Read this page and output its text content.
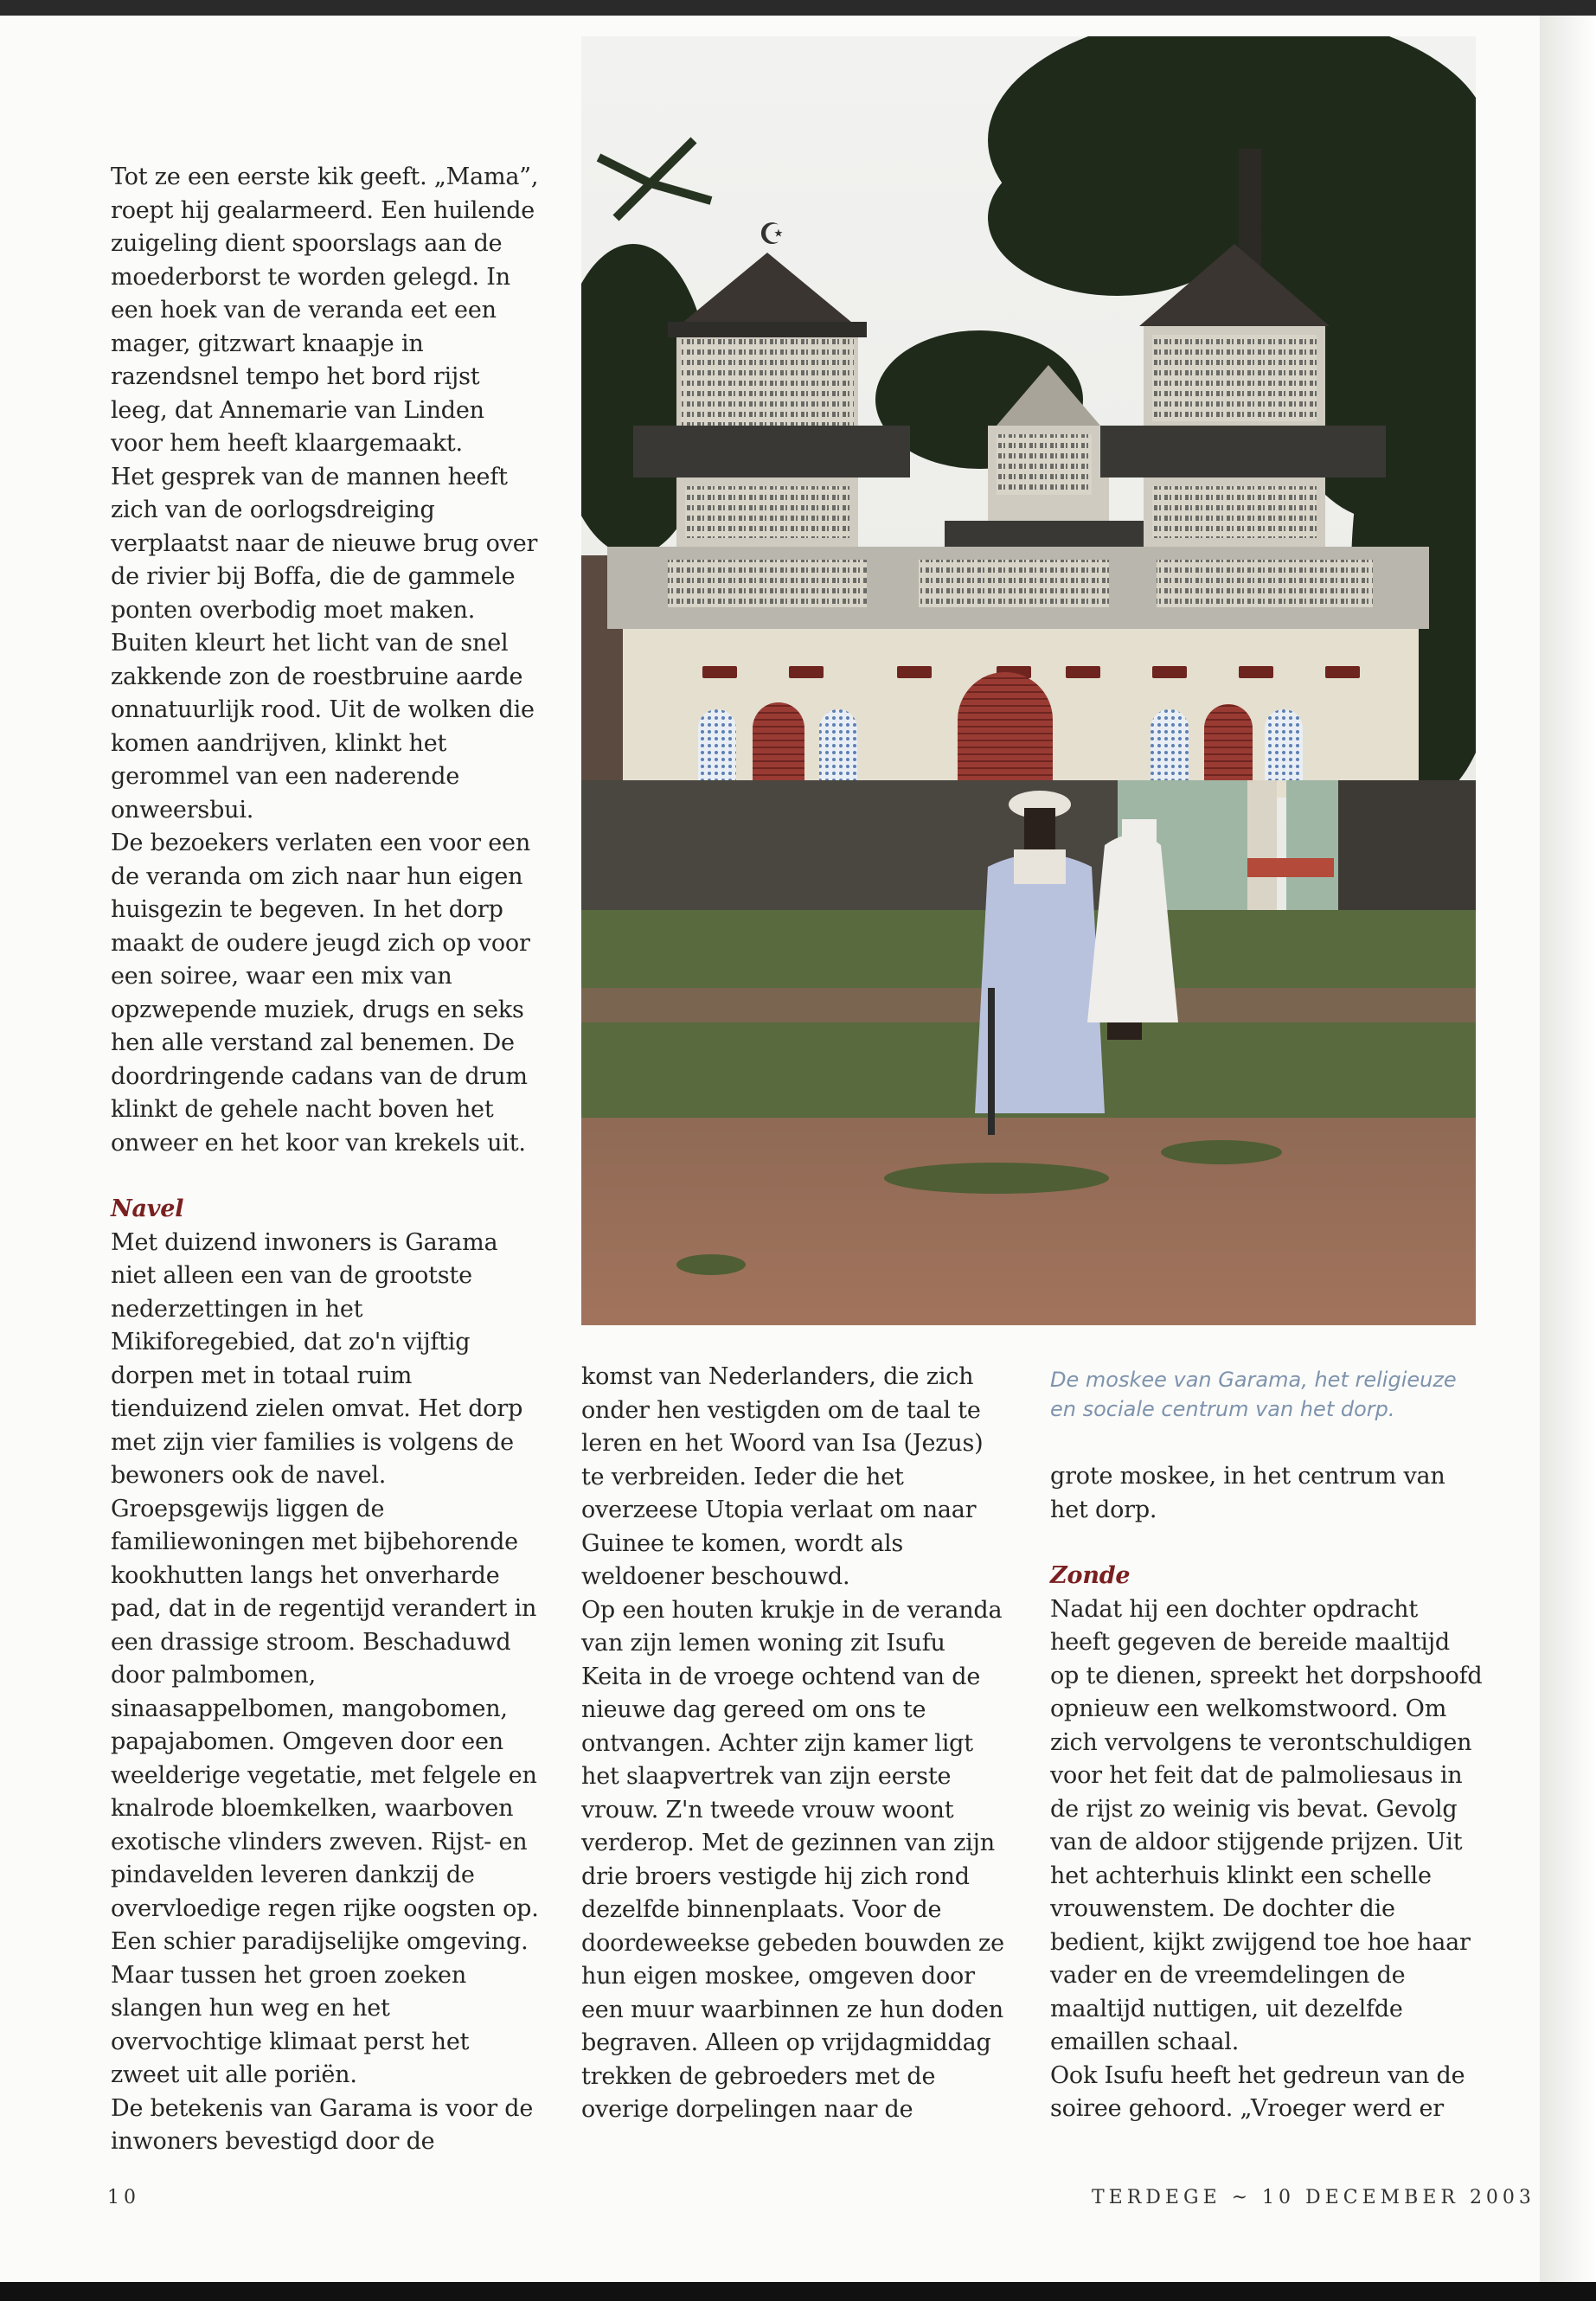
Tot ze een eerste kik geeft. „Mama”, roept hij gealarmeerd. Een huilende zuigeling dient spoorslags aan de moederborst te worden gelegd. In een hoek van de veranda eet een mager, gitzwart knaapje in razendsnel tempo het bord rijst leeg, dat Annemarie van Linden voor hem heeft klaargemaakt.

Het gesprek van de mannen heeft zich van de oorlogsdreiging verplaatst naar de nieuwe brug over de rivier bij Boffa, die de gammele ponten overbodig moet maken. Buiten kleurt het licht van de snel zakkende zon de roestbruine aarde onnatuurlijk rood. Uit de wolken die komen aandrijven, klinkt het gerommel van een naderende onweersbui.

De bezoekers verlaten een voor een de veranda om zich naar hun eigen huisgezin te begeven. In het dorp maakt de oudere jeugd zich op voor een soiree, waar een mix van opzwepende muziek, drugs en seks hen alle verstand zal benemen. De doordringende cadans van de drum klinkt de gehele nacht boven het onweer en het koor van krekels uit.

Navel

Met duizend inwoners is Garama niet alleen een van de grootste nederzettingen in het Mikiforegebied, dat zo'n vijftig dorpen met in totaal ruim tienduizend zielen omvat. Het dorp met zijn vier families is volgens de bewoners ook de navel. Groepsgewijs liggen de familiewoningen met bijbehorende kookhutten langs het onverharde pad, dat in de regentijd verandert in een drassige stroom. Beschaduwd door palmbomen, sinaasappelbomen, mangobomen, papajabomen. Omgeven door een weelderige vegetatie, met felgele en knalrode bloemkelken, waarboven exotische vlinders zweven. Rijst- en pindavelden leveren dankzij de overvloedige regen rijke oogsten op. Een schier paradijselijke omgeving. Maar tussen het groen zoeken slangen hun weg en het overvochtige klimaat perst het zweet uit alle poriën.

De betekenis van Garama is voor de inwoners bevestigd door de

☪
De moskee van Garama, het religieuze en sociale centrum van het dorp.

komst van Nederlanders, die zich onder hen vestigden om de taal te leren en het Woord van Isa (Jezus) te verbreiden. Ieder die het overzeese Utopia verlaat om naar Guinee te komen, wordt als weldoener beschouwd.

Op een houten krukje in de veranda van zijn lemen woning zit Isufu Keita in de vroege ochtend van de nieuwe dag gereed om ons te ontvangen. Achter zijn kamer ligt het slaapvertrek van zijn eerste vrouw. Z'n tweede vrouw woont verderop. Met de gezinnen van zijn drie broers vestigde hij zich rond dezelfde binnenplaats. Voor de doordeweekse gebeden bouwden ze hun eigen moskee, omgeven door een muur waarbinnen ze hun doden begraven. Alleen op vrijdagmiddag trekken de gebroeders met de overige dorpelingen naar de

grote moskee, in het centrum van het dorp.

Zonde

Nadat hij een dochter opdracht heeft gegeven de bereide maaltijd op te dienen, spreekt het dorpshoofd opnieuw een welkomstwoord. Om zich vervolgens te verontschuldigen voor het feit dat de palmoliesaus in de rijst zo weinig vis bevat. Gevolg van de aldoor stijgende prijzen. Uit het achterhuis klinkt een schelle vrouwenstem. De dochter die bedient, kijkt zwijgend toe hoe haar vader en de vreemdelingen de maaltijd nuttigen, uit dezelfde emaillen schaal.

Ook Isufu heeft het gedreun van de soiree gehoord. „Vroeger werd er

10	TERDEGE ~ 10 DECEMBER 2003
